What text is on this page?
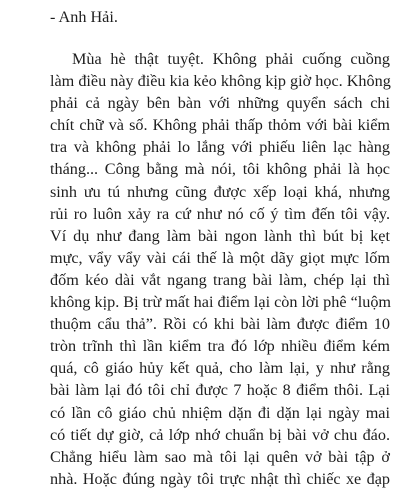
- Anh Hải.

Mùa hè thật tuyệt. Không phải cuống cuồng
làm điều này điều kia kẻo không kịp giờ học. Không
phải cả ngày bên bàn với những quyển sách chi
chít chữ và số. Không phải thấp thỏm với bài kiểm
tra và không phải lo lắng với phiếu liên lạc hàng
tháng... Công bằng mà nói, tôi không phải là học
sinh ưu tú nhưng cũng được xếp loại khá, nhưng
rủi ro luôn xảy ra cứ như nó cố ý tìm đến tôi vậy.
Ví dụ như đang làm bài ngon lành thì bút bị kẹt
mực, vẩy vẩy vài cái thế là một dãy giọt mực lốm
đốm kéo dài vắt ngang trang bài làm, chép lại thì
không kịp. Bị trừ mất hai điểm lại còn lời phê “luộm
thuộm cẩu thả”. Rồi có khi bài làm được điểm 10
tròn trĩnh thì lần kiểm tra đó lớp nhiều điểm kém
quá, cô giáo hủy kết quả, cho làm lại, y như rằng
bài làm lại đó tôi chỉ được 7 hoặc 8 điểm thôi. Lại
có lần cô giáo chủ nhiệm dặn đi dặn lại ngày mai
có tiết dự giờ, cả lớp nhớ chuẩn bị bài vở chu đáo.
Chẳng hiểu làm sao mà tôi lại quên vở bài tập ở
nhà. Hoặc đúng ngày tôi trực nhật thì chiếc xe đạp
